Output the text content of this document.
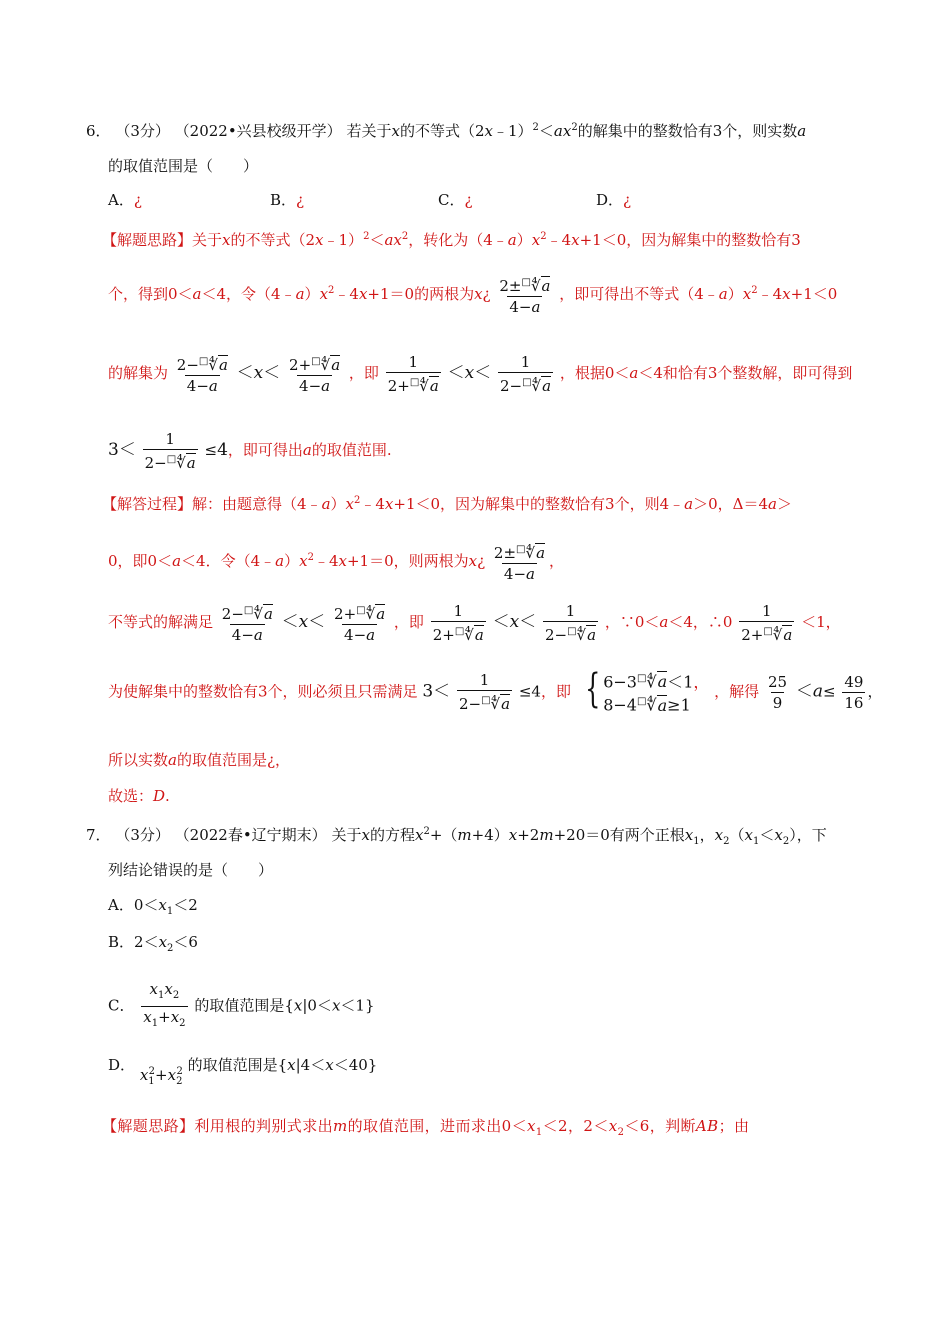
6． （3分） （2022•兴县校级开学） 若关于x的不等式$(2x﹣1)^2<ax^2$的解集中的整数恰有3个，则实数a
的取值范围是（　　）
A．¿	B．¿	C．¿	D．¿
【解题思路】关于x的不等式$(2x﹣1)^2<ax^2$，转化为$(4﹣a)x^2﹣4x+1<0$，因为解集中的整数恰有3
个，得到0＜a＜4，令$(4﹣a)x^2﹣4x+1=0$的两根为x¿ $\frac{2\pm^□∜a}{4-a}$ ，即可得出不等式$(4﹣a)x^2﹣4x+1<0$
的解集为 $\frac{2-^□∜a}{4-a} <x< \frac{2+^□∜a}{4-a}$ ，即 $\frac{1}{2+^□∜a} <x< \frac{1}{2-^□∜a}$ ，根据0＜a＜4和恰有3个整数解，即可得到
$3< \frac{1}{2-^□∜a} \le 4$，即可得出a的取值范围.
【解答过程】解：由题意得$(4﹣a)x^2﹣4x+1<0$，因为解集中的整数恰有3个，则4﹣a＞0，Δ＝4a＞
0，即0＜a＜4．令$(4﹣a)x^2﹣4x+1=0$，则两根为x¿ $\frac{2\pm^□∜a}{4-a}$ ，
不等式的解满足 $\frac{2-^□∜a}{4-a} <x< \frac{2+^□∜a}{4-a}$ ，即 $\frac{1}{2+^□∜a} <x< \frac{1}{2-^□∜a}$ ，∵0＜a＜4，∴0 $\frac{1}{2+^□∜a} <1$，
为使解集中的整数恰有3个，则必须且只需满足 $3< \frac{1}{2-^□∜a} \le 4$，即 { 6−3□∜a＜1，
8−4□∜a≥1
，解得 $\frac{25}{9} <a\le \frac{49}{16}$ ，
所以实数a的取值范围是¿，
故选：D.
7． （3分） （2022春•辽宁期末） 关于x的方程$x^2+(m+4)x+2m+20=0$有两个正根$x_1$，$x_2(x_1<x_2)$，下
列结论错误的是（　　）
A．$0<x_1<2$
B．$2<x_2<6$
C． $\frac{x_1x_2}{x_1+x_2}$ 的取值范围是{x|0＜x＜1}
D． $x_1^2+x_2^2$ 的取值范围是{x|4＜x＜40}
【解题思路】利用根的判别式求出m的取值范围，进而求出$0<x_1<2$，$2<x_2<6$，判断AB；由
